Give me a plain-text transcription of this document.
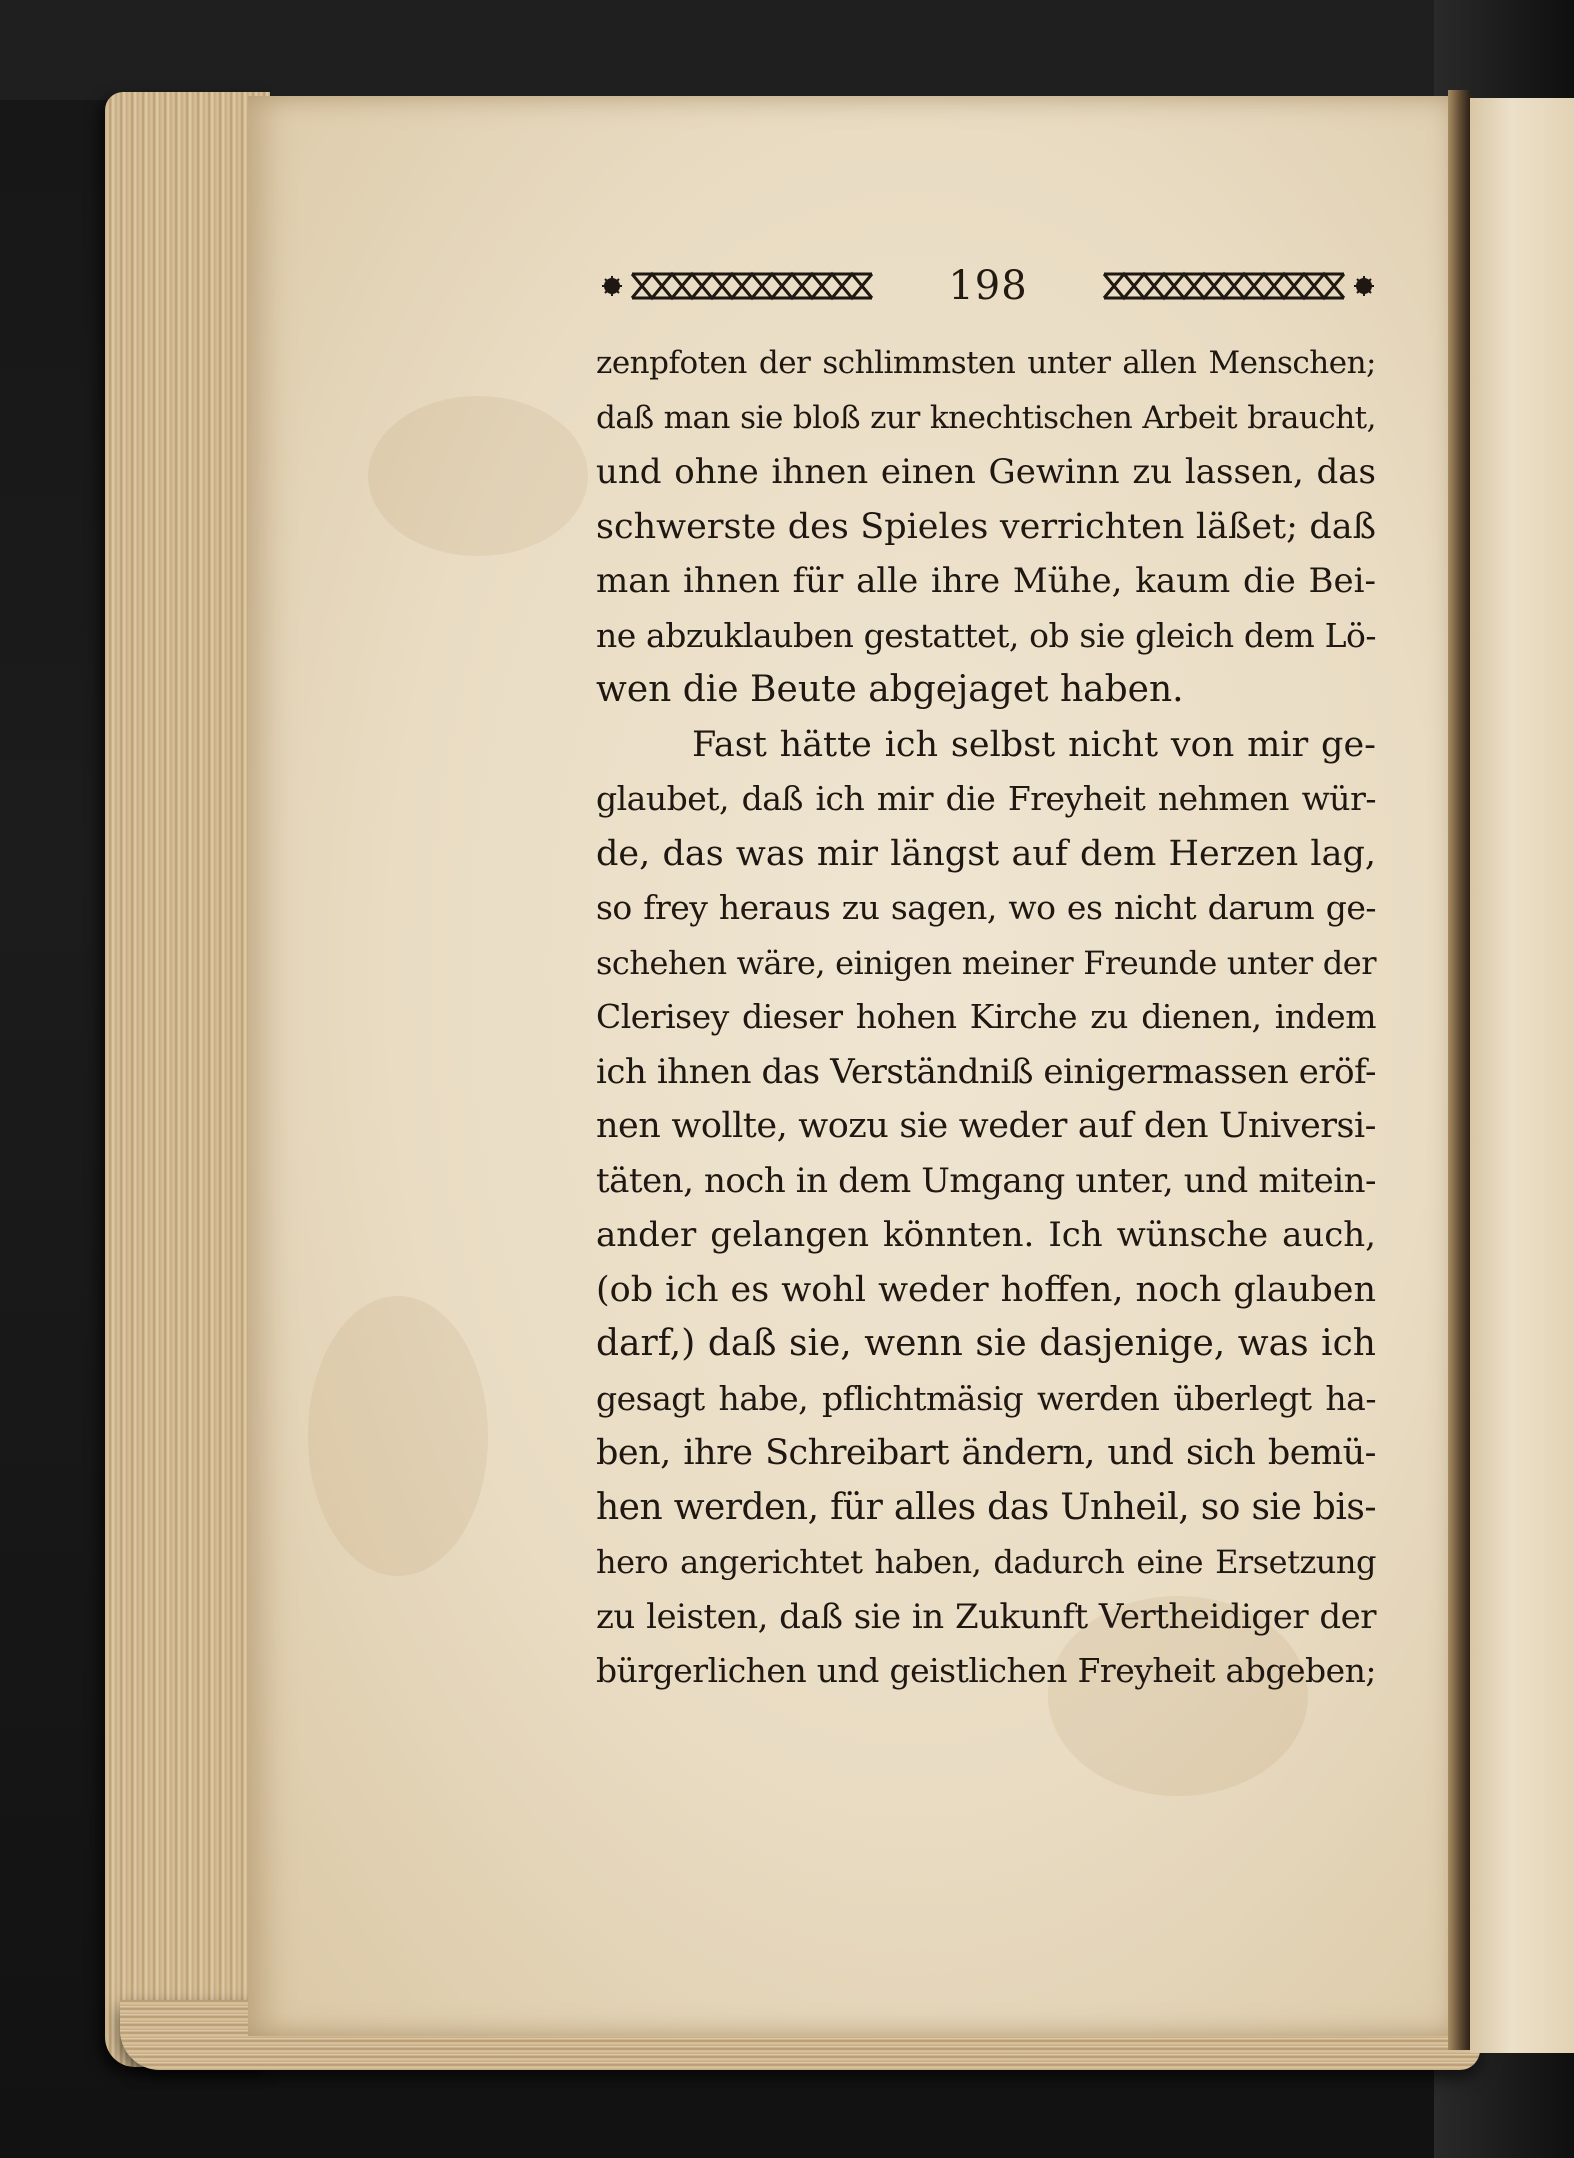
198
zenpfoten der schlimmsten unter allen Menschen;
daß man sie bloß zur knechtischen Arbeit braucht,
und ohne ihnen einen Gewinn zu lassen, das
schwerste des Spieles verrichten läßet; daß
man ihnen für alle ihre Mühe, kaum die Bei-
ne abzuklauben gestattet, ob sie gleich dem Lö-
wen die Beute abgejaget haben.
Fast hätte ich selbst nicht von mir ge-
glaubet, daß ich mir die Freyheit nehmen wür-
de, das was mir längst auf dem Herzen lag,
so frey heraus zu sagen, wo es nicht darum ge-
schehen wäre, einigen meiner Freunde unter der
Clerisey dieser hohen Kirche zu dienen, indem
ich ihnen das Verständniß einigermassen eröf-
nen wollte, wozu sie weder auf den Universi-
täten, noch in dem Umgang unter, und mitein-
ander gelangen könnten. Ich wünsche auch,
(ob ich es wohl weder hoffen, noch glauben
darf,) daß sie, wenn sie dasjenige, was ich
gesagt habe, pflichtmäsig werden überlegt ha-
ben, ihre Schreibart ändern, und sich bemü-
hen werden, für alles das Unheil, so sie bis-
hero angerichtet haben, dadurch eine Ersetzung
zu leisten, daß sie in Zukunft Vertheidiger der
bürgerlichen und geistlichen Freyheit abgeben;
